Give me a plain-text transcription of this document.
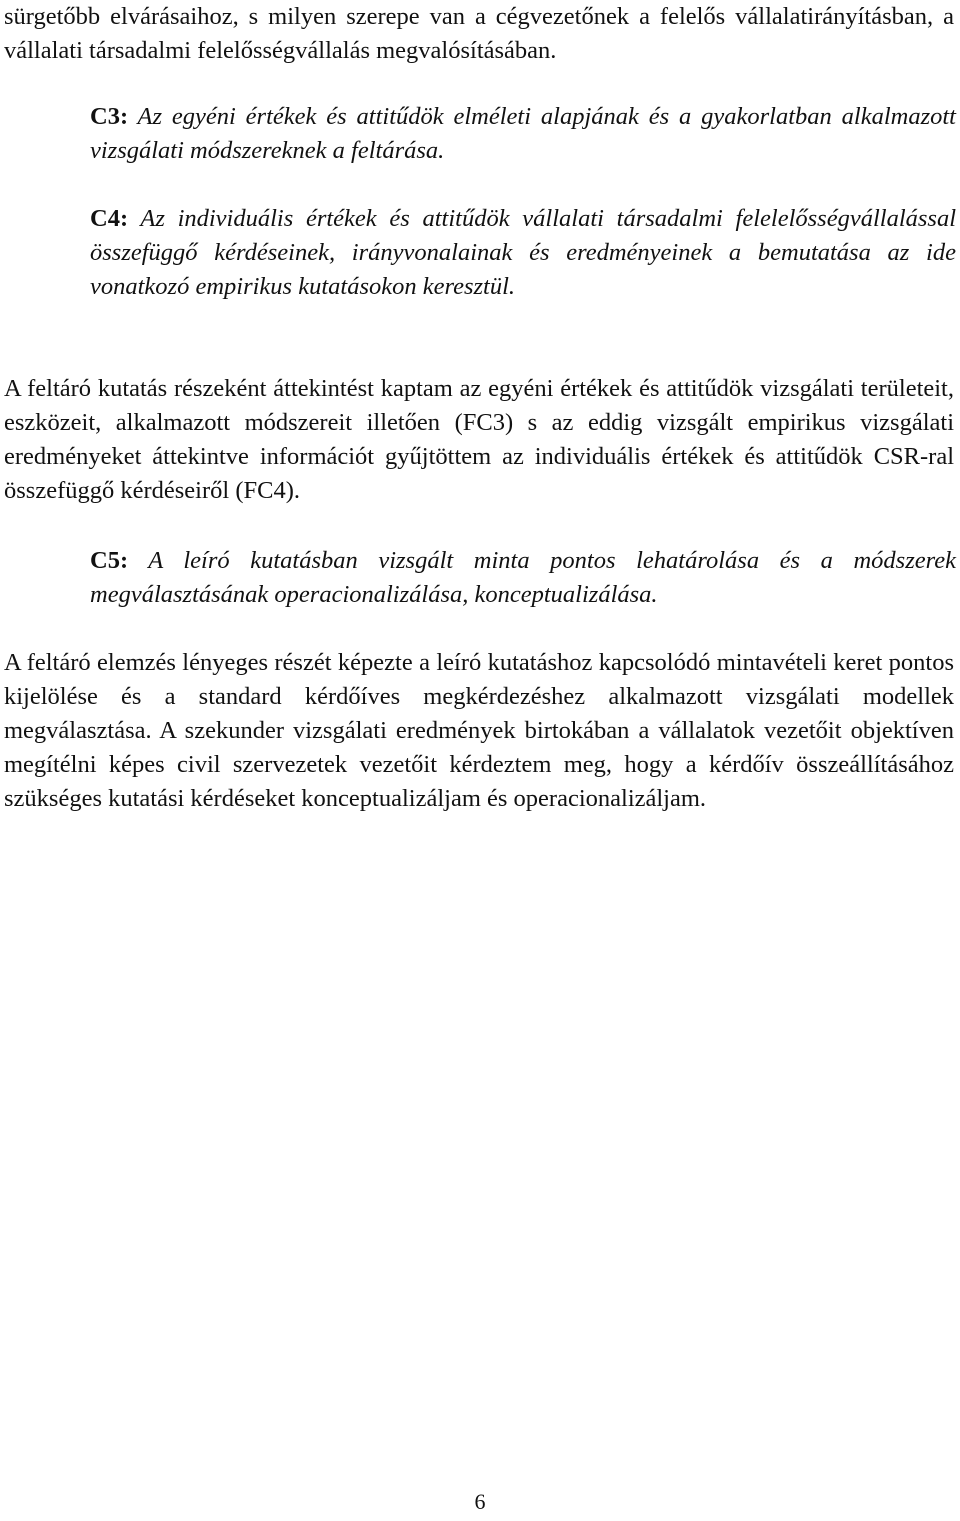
sürgetőbb elvárásaihoz, s milyen szerepe van a cégvezetőnek a felelős vállalatirányításban, a vállalati társadalmi felelősségvállalás megvalósításában.

C3: Az egyéni értékek és attitűdök elméleti alapjának és a gyakorlatban alkalmazott vizsgálati módszereknek a feltárása.

C4: Az individuális értékek és attitűdök vállalati társadalmi felelelősségvállalással összefüggő kérdéseinek, irányvonalainak és eredményeinek a bemutatása az ide vonatkozó empirikus kutatásokon keresztül.

A feltáró kutatás részeként áttekintést kaptam az egyéni értékek és attitűdök vizsgálati területeit, eszközeit, alkalmazott módszereit illetően (FC3) s az eddig vizsgált empirikus vizsgálati eredményeket áttekintve információt gyűjtöttem az individuális értékek és attitűdök CSR-ral összefüggő kérdéseiről (FC4).

C5: A leíró kutatásban vizsgált minta pontos lehatárolása és a módszerek megválasztásának operacionalizálása, konceptualizálása.

A feltáró elemzés lényeges részét képezte a leíró kutatáshoz kapcsolódó mintavételi keret pontos kijelölése és a standard kérdőíves megkérdezéshez alkalmazott vizsgálati modellek megválasztása. A szekunder vizsgálati eredmények birtokában a vállalatok vezetőit objektíven megítélni képes civil szervezetek vezetőit kérdeztem meg, hogy a kérdőív összeállításához szükséges kutatási kérdéseket konceptualizáljam és operacionalizáljam.

6
